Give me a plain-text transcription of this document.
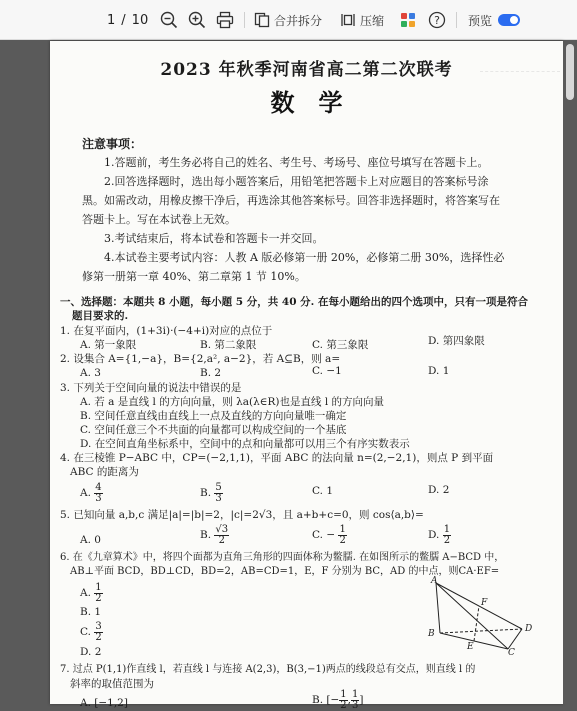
1 / 10	合并拆分	压缩	? 预览
2023 年秋季河南省高二第二次联考
数学
注意事项：
1.答题前，考生务必将自己的姓名、考生号、考场号、座位号填写在答题卡上。
2.回答选择题时，选出每小题答案后，用铅笔把答题卡上对应题目的答案标号涂
黑。如需改动，用橡皮擦干净后，再选涂其他答案标号。回答非选择题时，将答案写在
答题卡上。写在本试卷上无效。
3.考试结束后，将本试卷和答题卡一并交回。
4.本试卷主要考试内容：人教 A 版必修第一册 20%，必修第二册 30%，选择性必
修第一册第一章 40%、第二章第 1 节 10%。
一、选择题：本题共 8 小题，每小题 5 分，共 40 分. 在每小题给出的四个选项中，只有一项是符合
题目要求的.
1. 在复平面内，(1+3i)·(−4+i)对应的点位于
A. 第一象限	B. 第二象限	C. 第三象限	D. 第四象限
2. 设集合 A={1,−a}，B={2,a², a−2}，若 A⊆B，则 a=
A. 3	B. 2	C. −1	D. 1
3. 下列关于空间向量的说法中错误的是
A. 若 a 是直线 l 的方向向量，则 λa(λ∈R)也是直线 l 的方向向量
B. 空间任意直线由直线上一点及直线的方向向量唯一确定
C. 空间任意三个不共面的向量都可以构成空间的一个基底
D. 在空间直角坐标系中，空间中的点和向量都可以用三个有序实数表示
4. 在三棱锥 P−ABC 中，CP=(−2,1,1)，平面 ABC 的法向量 n=(2,−2,1)，则点 P 到平面
ABC 的距离为
A. $\frac{4}{3}$	B. $\frac{5}{3}$	C. 1	D. 2
5. 已知向量 a,b,c 满足|a|=|b|=2，|c|=2√3，且 a+b+c=0，则 cos⟨a,b⟩=
A. 0	B. $\frac{√3}{2}$	C. − $\frac{1}{2}$	D. $\frac{1}{2}$
6. 在《九章算术》中，将四个面都为直角三角形的四面体称为鳖臑. 在如图所示的鳖臑 A−BCD 中，
AB⊥平面 BCD，BD⊥CD，BD=2，AB=CD=1，E，F 分别为 BC，AD 的中点，则CA·EF=
A. $\frac{1}{2}$
B. 1
C. $\frac{3}{2}$
D. 2
A
B
C
D
E
F
7. 过点 P(1,1)作直线 l，若直线 l 与连接 A(2,3)，B(3,−1)两点的线段总有交点，则直线 l 的
斜率的取值范围为
A. [−1,2]	B. [− $\frac{1}{2}$ , $\frac{1}{3}$ ]
